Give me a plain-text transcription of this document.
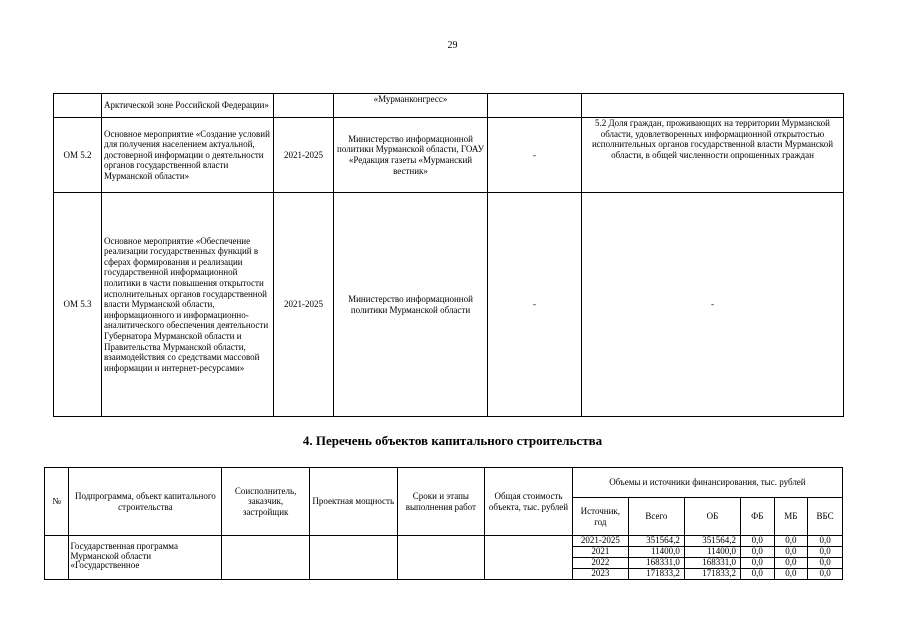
29
	Арктической зоне Российской Федерации»		«Мурманконгресс»		
ОМ 5.2	Основное мероприятие «Создание условий для получения населением актуальной, достоверной информации о деятельности органов государственной власти Мурманской области»	2021-2025	Министерство информационной политики Мурманской области, ГОАУ «Редакция газеты «Мурманский вестник»	-	5.2 Доля граждан, проживающих на территории Мурманской области, удовлетворенных информационной открытостью исполнительных органов государственной власти Мурманской области, в общей численности опрошенных граждан
ОМ 5.3	Основное мероприятие «Обеспечение реализации государственных функций в сферах формирования и реализации государственной информационной политики в части повышения открытости исполнительных органов государственной власти Мурманской области, информационного и информационно-аналитического обеспечения деятельности Губернатора Мурманской области и Правительства Мурманской области, взаимодействия со средствами массовой информации и интернет-ресурсами»	2021-2025	Министерство информационной политики Мурманской области	-	-
4. Перечень объектов капитального строительства
№	Подпрограмма, объект капитального строительства	Соисполнитель, заказчик, застройщик	Проектная мощность	Сроки и этапы выполнения работ	Общая стоимость объекта, тыс. рублей	Объемы и источники финансирования, тыс. рублей					
						Источник, год	Всего	ОБ	ФБ	МБ	ВБС
	Государственная программа Мурманской области «Государственное					2021-2025	351564,2	351564,2	0,0	0,0	0,0
						2021	11400,0	11400,0	0,0	0,0	0,0
						2022	168331,0	168331,0	0,0	0,0	0,0
						2023	171833,2	171833,2	0,0	0,0	0,0
